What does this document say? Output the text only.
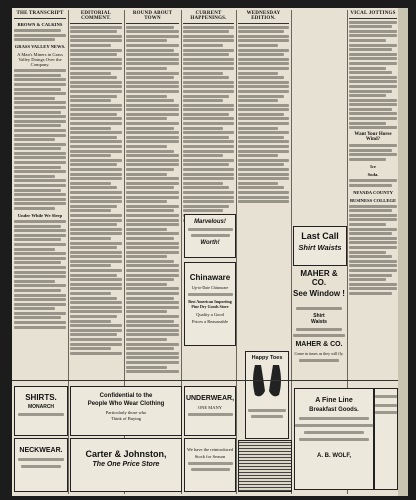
THE TRANSCRIPT
BROWN & CALKINS
GRASS VALLEY NEWS.
A Man's Miners in Grass Valley Doings Over the Company.
Under While We Sleep
EDITORIAL COMMENT.
ROUND ABOUT TOWN
CURRENT HAPPENINGS.
Marvelous!
Worth!
Chinaware
Up-to-Date Chinaware
Best American Importing Pine Dry Goods Store
Quality a Good
Prices a Reasonable
Happy Toes
WEDNESDAY EDITION.
Last Call
Shirt Waists
MAHER & CO.
See Window !
Shirt
Waists
MAHER & CO.
Come in times as they will fly.
A Fine Line
Breakfast Goods.
A. B. WOLF,
VICAL JOTTINGS
Want Your Horse Wind?
Ice
Soda.
NEVADA COUNTY
BUSINESS COLLEGE
SHIRTS.
MONARCH
NECKWEAR.
Confidential to the
People Who Wear Clothing
Particularly those who
Think of Buying
Carter & Johnston,
The One Price Store
UNDERWEAR,
ONE MANY
We have the reintroduced
Stock for Season
